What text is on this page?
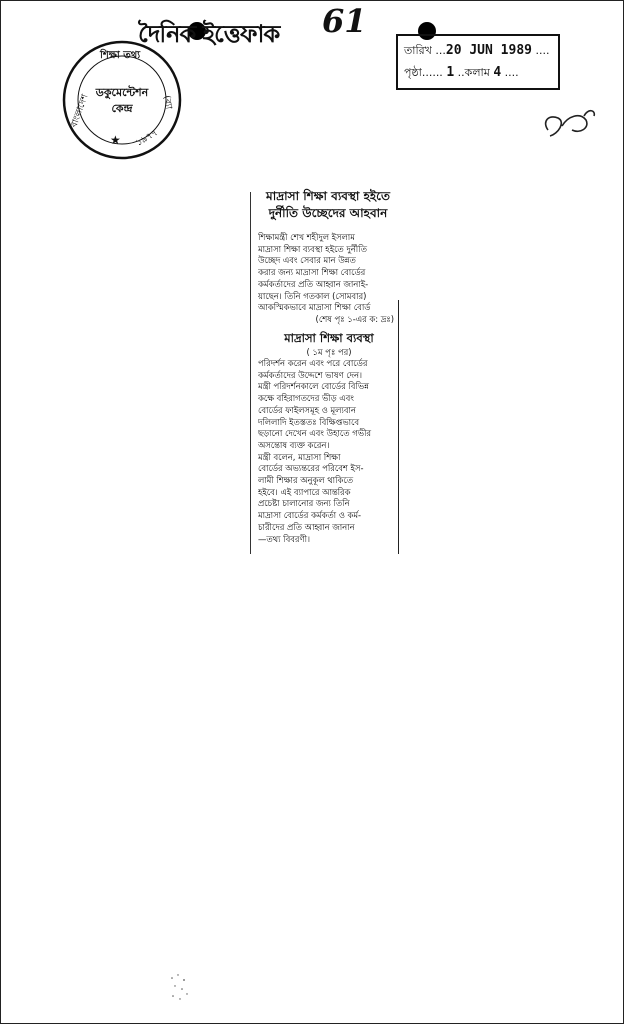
শিক্ষা তথ্য
বাংলাদেশ
ডকুমেন্টেশন
কেন্দ্র	(ব্যা
১৯৭৭
★
দৈনিক ইত্তেফাক 61
তারিখ ...20 JUN 1989 ....
পৃষ্ঠা...... 1 ..কলাম 4 ....
৩৩
মাদ্রাসা শিক্ষা ব্যবস্থা হইতে
দুর্নীতি উচ্ছেদের আহবান
শিক্ষামন্ত্রী শেখ শহীদুল ইসলাম
মাদ্রাসা শিক্ষা ব্যবস্থা হইতে দুর্নীতি
উচ্ছেদ এবং সেবার মান উন্নত
করার জন্য মাদ্রাসা শিক্ষা বোর্ডের
কর্মকর্তাদের প্রতি আহ্বান জানাই-
য়াছেন। তিনি গতকাল (সোমবার)
আকস্মিকভাবে মাদ্রাসা শিক্ষা বোর্ড
(শেষ পৃঃ ১-এর ক: দ্রঃ)
মাদ্রাসা শিক্ষা ব্যবস্থা
( ১ম পৃঃ পর)
পরিদর্শন করেন এবং পরে বোর্ডের
কর্মকর্তাদের উদ্দেশে ভাষণ দেন।
মন্ত্রী পরিদর্শনকালে বোর্ডের বিভিন্ন
কক্ষে বহিরাগতদের ভীড় এবং
বোর্ডের ফাইলসমূহ ও মূল্যবান
দলিলাদি ইতস্ততঃ বিক্ষিপ্তভাবে
ছড়ানো দেখেন এবং উহাতে গভীর
অসন্তোষ ব্যক্ত করেন।
মন্ত্রী বলেন, মাদ্রাসা শিক্ষা
বোর্ডের অভ্যন্তরের পরিবেশ ইস-
লামী শিক্ষার অনুকূল থাকিতে
হইবে। এই ব্যাপারে আন্তরিক
প্রচেষ্টা চালানোর জন্য তিনি
মাদ্রাসা বোর্ডের কর্মকর্তা ও কর্ম-
চারীদের প্রতি আহ্বান জানান
—তথ্য বিবরণী।
